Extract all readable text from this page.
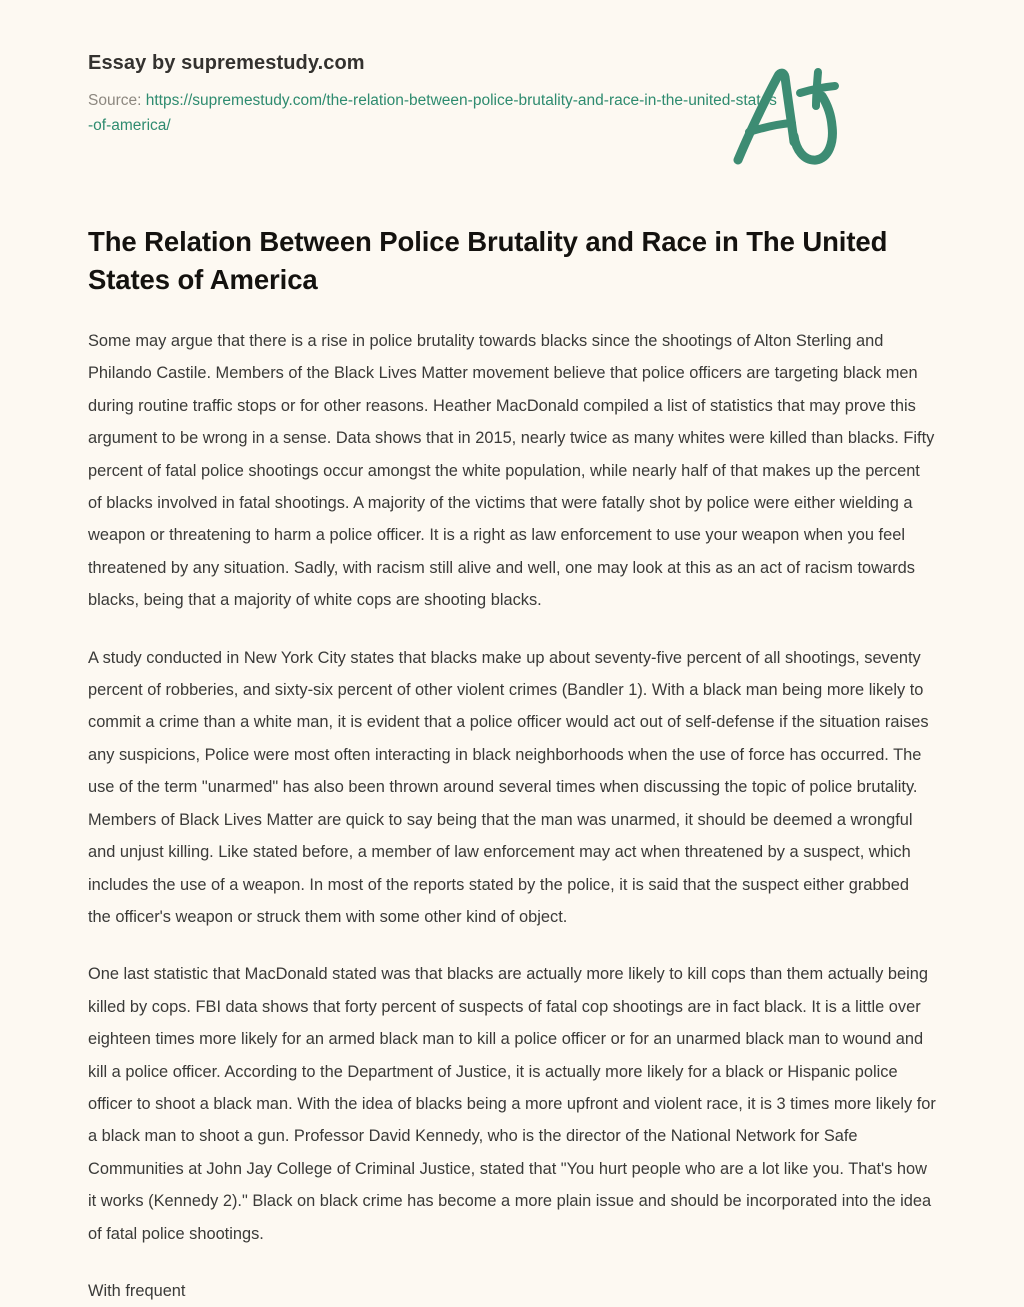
Essay by supremestudy.com

Source: https://supremestudy.com/the-relation-between-police-brutality-and-race-in-the-united-states-of-america/

The Relation Between Police Brutality and Race in The United States of America

Some may argue that there is a rise in police brutality towards blacks since the shootings of Alton Sterling and Philando Castile. Members of the Black Lives Matter movement believe that police officers are targeting black men during routine traffic stops or for other reasons. Heather MacDonald compiled a list of statistics that may prove this argument to be wrong in a sense. Data shows that in 2015, nearly twice as many whites were killed than blacks. Fifty percent of fatal police shootings occur amongst the white population, while nearly half of that makes up the percent of blacks involved in fatal shootings. A majority of the victims that were fatally shot by police were either wielding a weapon or threatening to harm a police officer. It is a right as law enforcement to use your weapon when you feel threatened by any situation. Sadly, with racism still alive and well, one may look at this as an act of racism towards blacks, being that a majority of white cops are shooting blacks.

A study conducted in New York City states that blacks make up about seventy-five percent of all shootings, seventy percent of robberies, and sixty-six percent of other violent crimes (Bandler 1). With a black man being more likely to commit a crime than a white man, it is evident that a police officer would act out of self-defense if the situation raises any suspicions, Police were most often interacting in black neighborhoods when the use of force has occurred. The use of the term "unarmed" has also been thrown around several times when discussing the topic of police brutality. Members of Black Lives Matter are quick to say being that the man was unarmed, it should be deemed a wrongful and unjust killing. Like stated before, a member of law enforcement may act when threatened by a suspect, which includes the use of a weapon. In most of the reports stated by the police, it is said that the suspect either grabbed the officer's weapon or struck them with some other kind of object.

One last statistic that MacDonald stated was that blacks are actually more likely to kill cops than them actually being killed by cops. FBI data shows that forty percent of suspects of fatal cop shootings are in fact black. It is a little over eighteen times more likely for an armed black man to kill a police officer or for an unarmed black man to wound and kill a police officer. According to the Department of Justice, it is actually more likely for a black or Hispanic police officer to shoot a black man. With the idea of blacks being a more upfront and violent race, it is 3 times more likely for a black man to shoot a gun. Professor David Kennedy, who is the director of the National Network for Safe Communities at John Jay College of Criminal Justice, stated that "You hurt people who are a lot like you. That's how it works (Kennedy 2)." Black on black crime has become a more plain issue and should be incorporated into the idea of fatal police shootings.

With frequent
